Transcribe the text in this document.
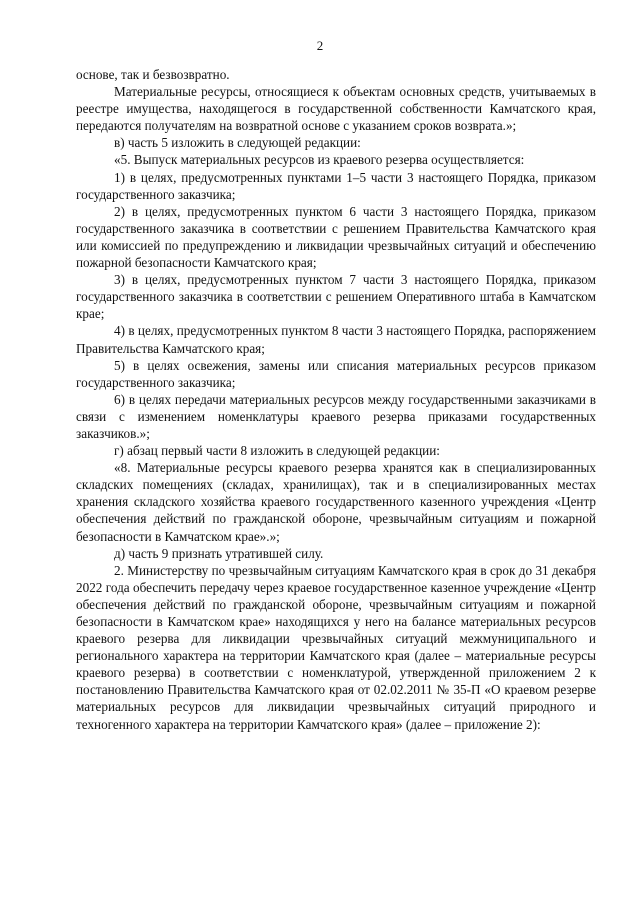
2

основе, так и безвозвратно.

Материальные ресурсы, относящиеся к объектам основных средств, учитываемых в реестре имущества, находящегося в государственной собственности Камчатского края, передаются получателям на возвратной основе с указанием сроков возврата.»;

в) часть 5 изложить в следующей редакции:

«5. Выпуск материальных ресурсов из краевого резерва осуществляется:

1) в целях, предусмотренных пунктами 1–5 части 3 настоящего Порядка, приказом государственного заказчика;

2) в целях, предусмотренных пунктом 6 части 3 настоящего Порядка, приказом государственного заказчика в соответствии с решением Правительства Камчатского края или комиссией по предупреждению и ликвидации чрезвычайных ситуаций и обеспечению пожарной безопасности Камчатского края;

3) в целях, предусмотренных пунктом 7 части 3 настоящего Порядка, приказом государственного заказчика в соответствии с решением Оперативного штаба в Камчатском крае;

4) в целях, предусмотренных пунктом 8 части 3 настоящего Порядка, распоряжением Правительства Камчатского края;

5) в целях освежения, замены или списания материальных ресурсов приказом государственного заказчика;

6) в целях передачи материальных ресурсов между государственными заказчиками в связи с изменением номенклатуры краевого резерва приказами государственных заказчиков.»;

г) абзац первый части 8 изложить в следующей редакции:

«8. Материальные ресурсы краевого резерва хранятся как в специализированных складских помещениях (складах, хранилищах), так и в специализированных местах хранения складского хозяйства краевого государственного казенного учреждения «Центр обеспечения действий по гражданской обороне, чрезвычайным ситуациям и пожарной безопасности в Камчатском крае».»;

д) часть 9 признать утратившей силу.

2. Министерству по чрезвычайным ситуациям Камчатского края в срок до 31 декабря 2022 года обеспечить передачу через краевое государственное казенное учреждение «Центр обеспечения действий по гражданской обороне, чрезвычайным ситуациям и пожарной безопасности в Камчатском крае» находящихся у него на балансе материальных ресурсов краевого резерва для ликвидации чрезвычайных ситуаций межмуниципального и регионального характера на территории Камчатского края (далее – материальные ресурсы краевого резерва) в соответствии с номенклатурой, утвержденной приложением 2 к постановлению Правительства Камчатского края от 02.02.2011 № 35-П «О краевом резерве материальных ресурсов для ликвидации чрезвычайных ситуаций природного и техногенного характера на территории Камчатского края» (далее – приложение 2):
